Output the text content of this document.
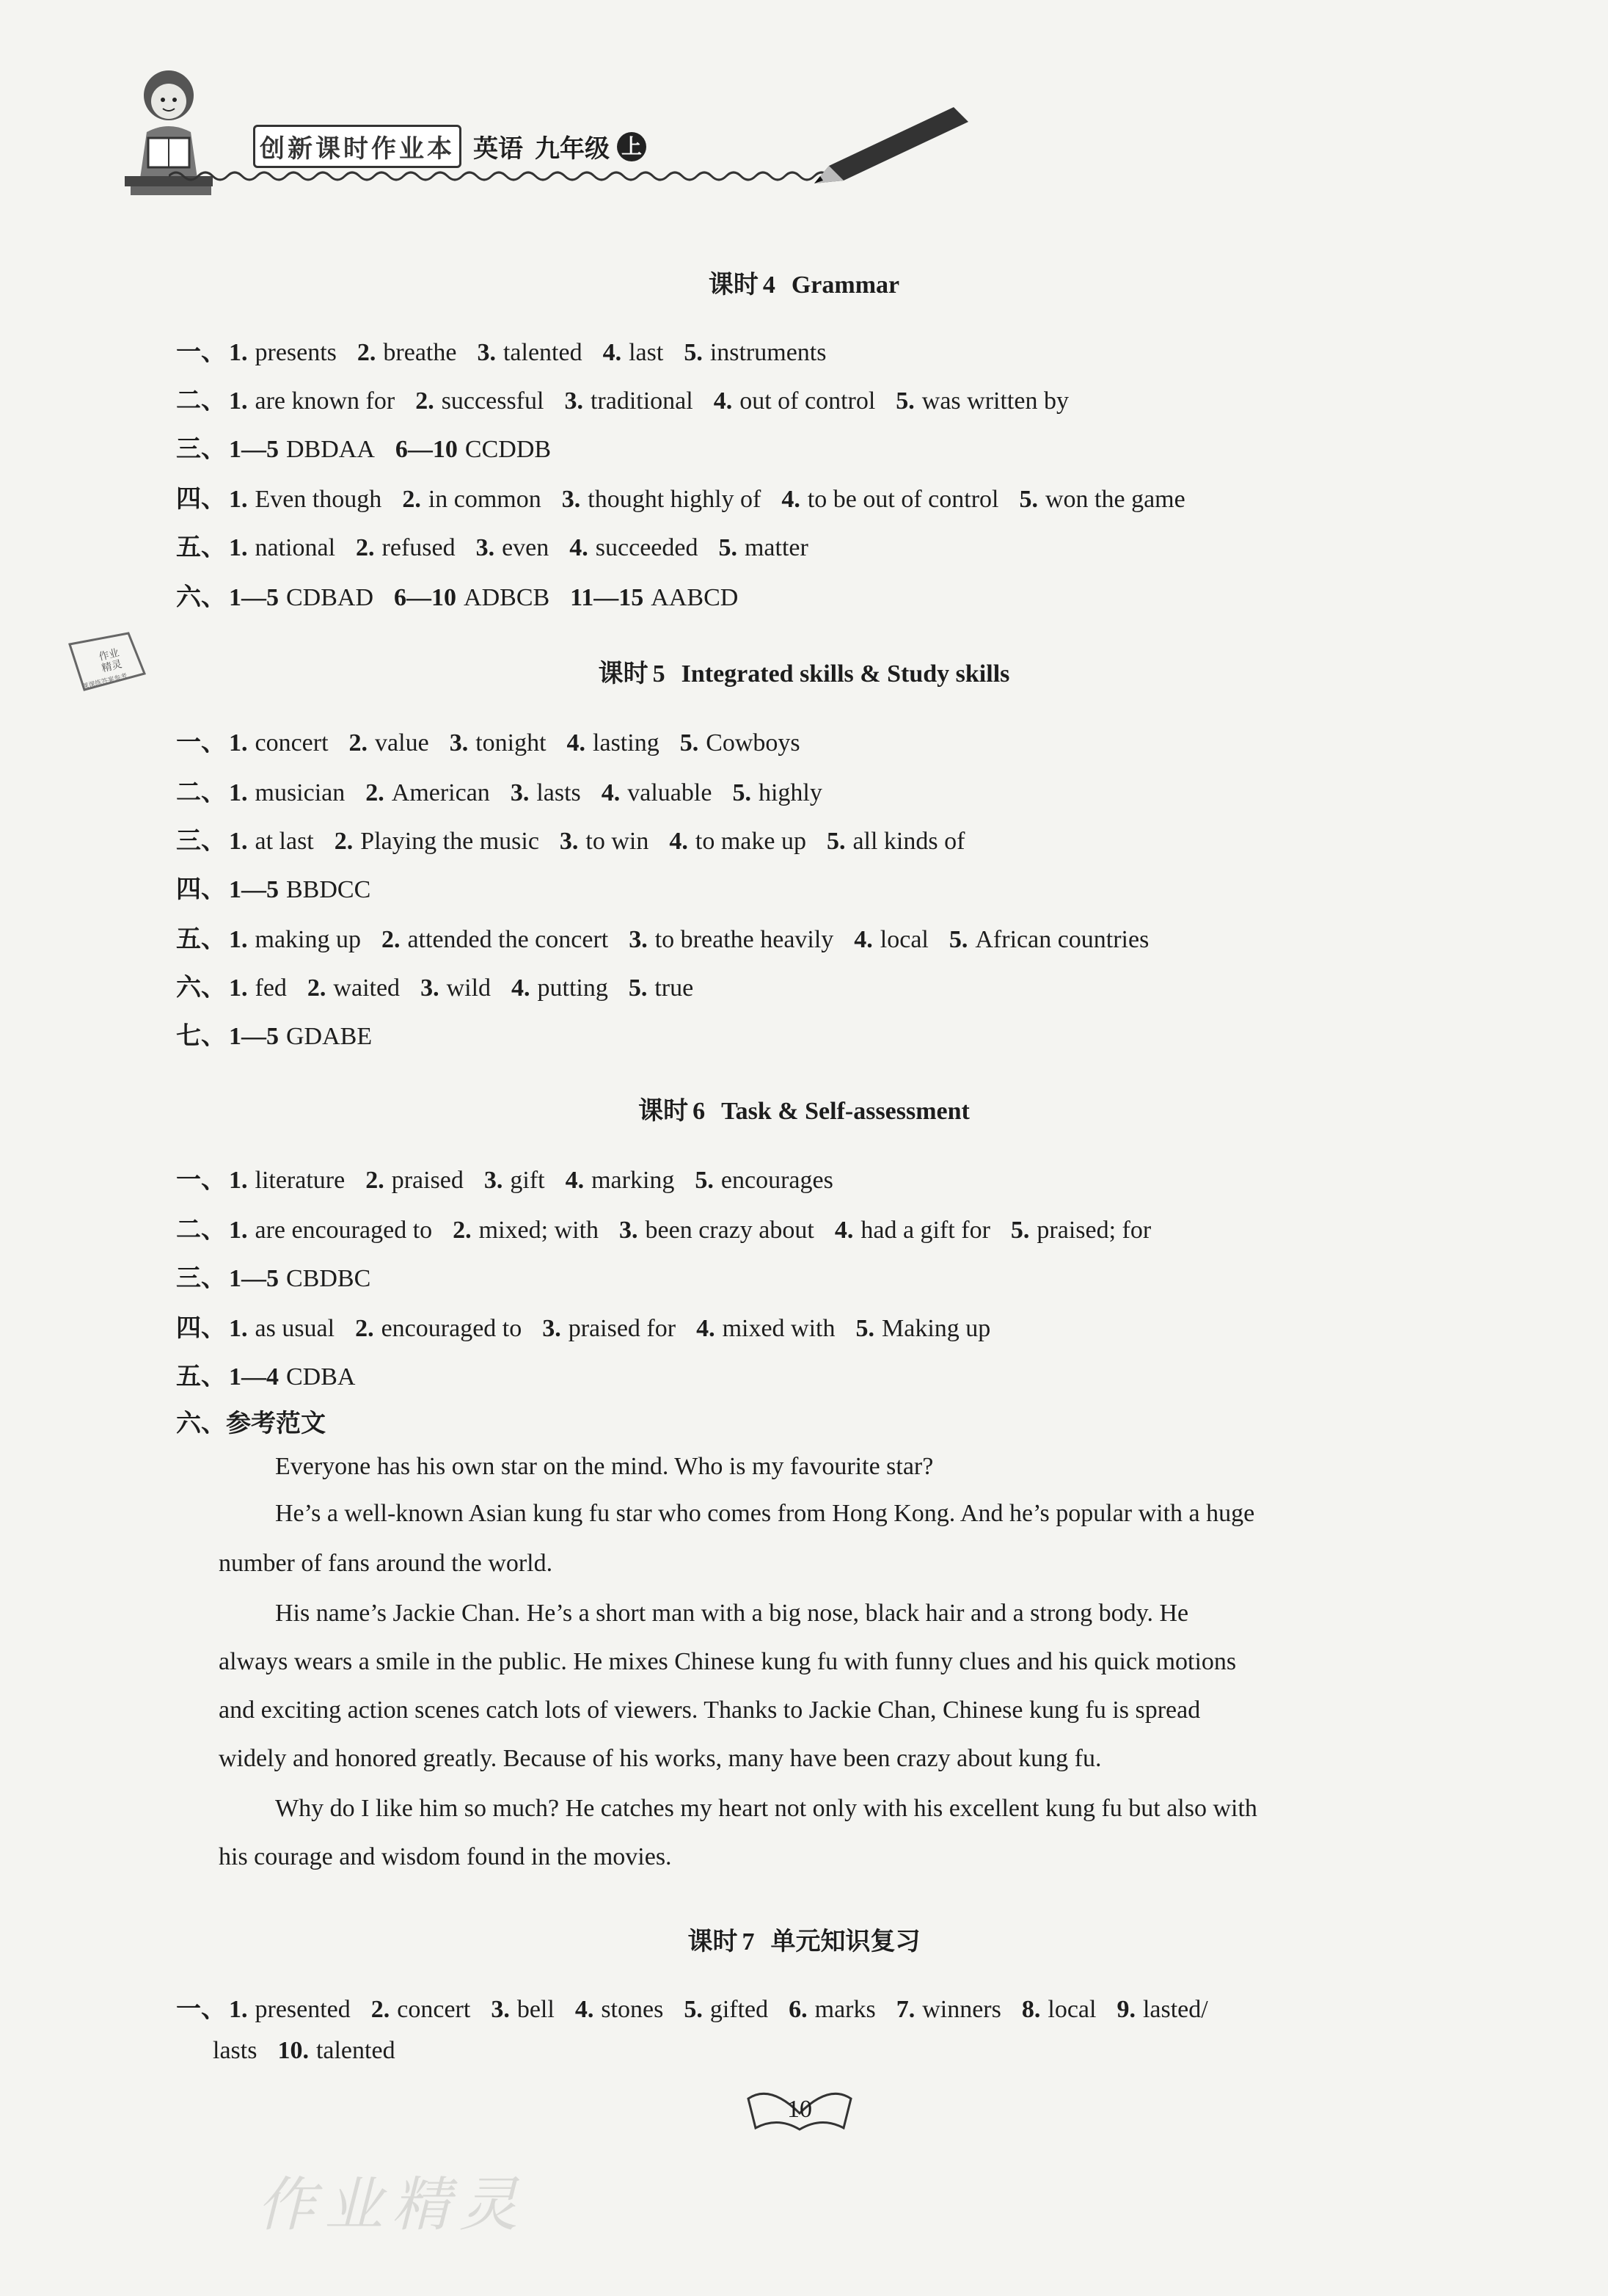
创新课时作业本 英语 九年级 上
作业
精灵
课课练答案参考
课时 4 Grammar
一、 1. presents 2. breathe 3. talented 4. last 5. instruments
二、 1. are known for 2. successful 3. traditional 4. out of control 5. was written by
三、 1—5 DBDAA 6—10 CCDDB
四、 1. Even though 2. in common 3. thought highly of 4. to be out of control 5. won the game
五、 1. national 2. refused 3. even 4. succeeded 5. matter
六、 1—5 CDBAD 6—10 ADBCB 11—15 AABCD
课时 5 Integrated skills & Study skills
一、 1. concert 2. value 3. tonight 4. lasting 5. Cowboys
二、 1. musician 2. American 3. lasts 4. valuable 5. highly
三、 1. at last 2. Playing the music 3. to win 4. to make up 5. all kinds of
四、 1—5 BBDCC
五、 1. making up 2. attended the concert 3. to breathe heavily 4. local 5. African countries
六、 1. fed 2. waited 3. wild 4. putting 5. true
七、 1—5 GDABE
课时 6 Task & Self-assessment
一、 1. literature 2. praised 3. gift 4. marking 5. encourages
二、 1. are encouraged to 2. mixed; with 3. been crazy about 4. had a gift for 5. praised; for
三、 1—5 CBDBC
四、 1. as usual 2. encouraged to 3. praised for 4. mixed with 5. Making up
五、 1—4 CDBA
六、参考范文
Everyone has his own star on the mind. Who is my favourite star?
He’s a well-known Asian kung fu star who comes from Hong Kong. And he’s popular with a huge
number of fans around the world.
His name’s Jackie Chan. He’s a short man with a big nose, black hair and a strong body. He
always wears a smile in the public. He mixes Chinese kung fu with funny clues and his quick motions
and exciting action scenes catch lots of viewers. Thanks to Jackie Chan, Chinese kung fu is spread
widely and honored greatly. Because of his works, many have been crazy about kung fu.
Why do I like him so much? He catches my heart not only with his excellent kung fu but also with
his courage and wisdom found in the movies.
课时 7 单元知识复习
一、 1. presented 2. concert 3. bell 4. stones 5. gifted 6. marks 7. winners 8. local 9. lasted/
lasts 10. talented
10
作业精灵
